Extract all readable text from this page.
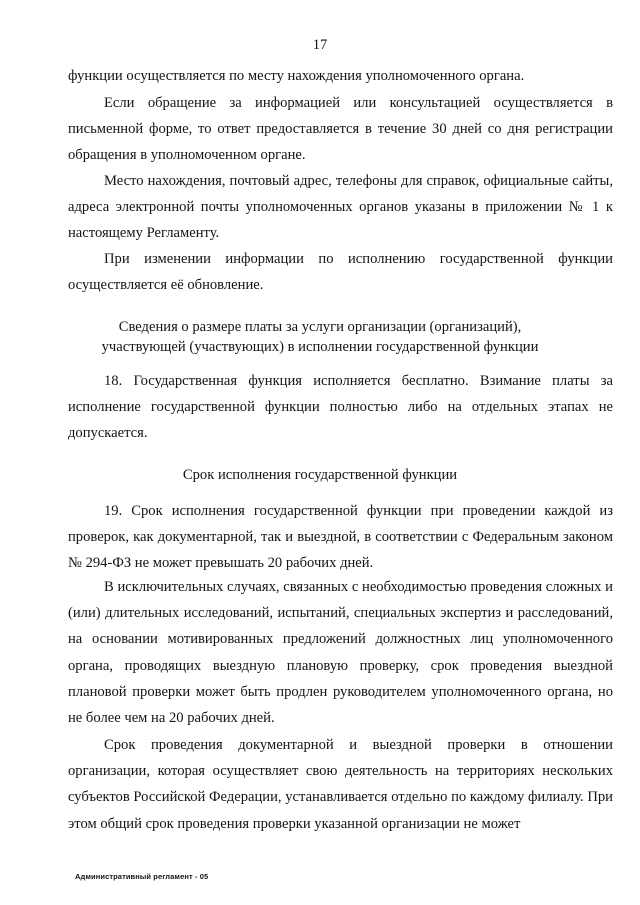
17

функции осуществляется по месту нахождения уполномоченного органа.

Если обращение за информацией или консультацией осуществляется в письменной форме, то ответ предоставляется в течение 30 дней со дня регистрации обращения в уполномоченном органе.

Место нахождения, почтовый адрес, телефоны для справок, официальные сайты, адреса электронной почты уполномоченных органов указаны в приложении № 1 к настоящему Регламенту.

При изменении информации по исполнению государственной функции осуществляется её обновление.

Сведения о размере платы за услуги организации (организаций), участвующей (участвующих) в исполнении государственной функции

18. Государственная функция исполняется бесплатно. Взимание платы за исполнение государственной функции полностью либо на отдельных этапах не допускается.

Срок исполнения государственной функции

19. Срок исполнения государственной функции при проведении каждой из проверок, как документарной, так и выездной, в соответствии с Федеральным законом № 294-ФЗ не может превышать 20 рабочих дней.

В исключительных случаях, связанных с необходимостью проведения сложных и (или) длительных исследований, испытаний, специальных экспертиз и расследований, на основании мотивированных предложений должностных лиц уполномоченного органа, проводящих выездную плановую проверку, срок проведения выездной плановой проверки может быть продлен руководителем уполномоченного органа, но не более чем на 20 рабочих дней.

Срок проведения документарной и выездной проверки в отношении организации, которая осуществляет свою деятельность на территориях нескольких субъектов Российской Федерации, устанавливается отдельно по каждому филиалу. При этом общий срок проведения проверки указанной организации не может

Административный регламент - 05
